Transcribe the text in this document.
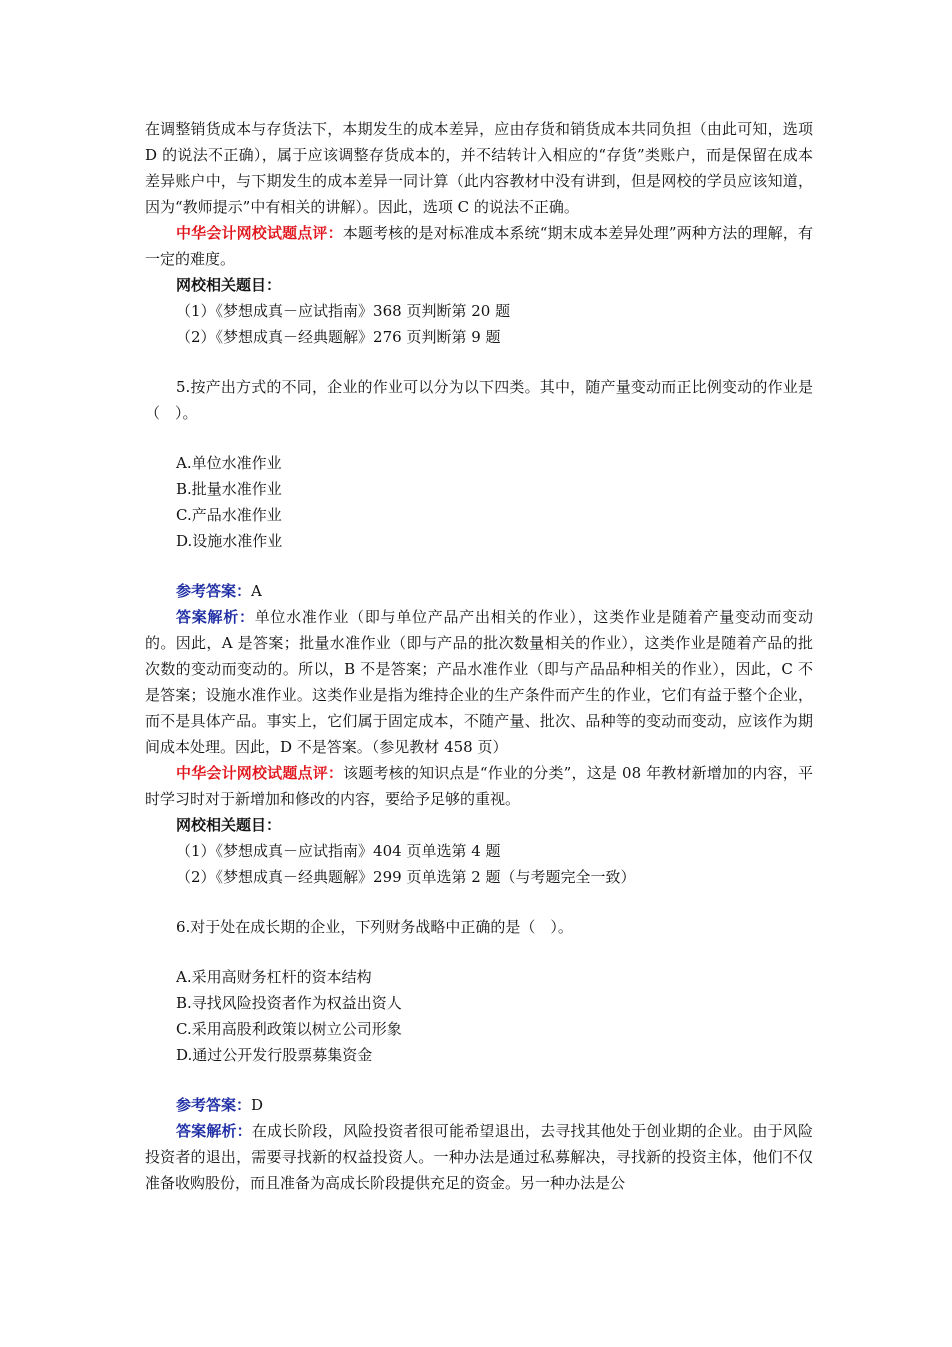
在调整销货成本与存货法下，本期发生的成本差异，应由存货和销货成本共同负担（由此可知，选项 D 的说法不正确），属于应该调整存货成本的，并不结转计入相应的“存货”类账户，而是保留在成本差异账户中，与下期发生的成本差异一同计算（此内容教材中没有讲到，但是网校的学员应该知道，因为“教师提示”中有相关的讲解）。因此，选项 C 的说法不正确。

中华会计网校试题点评：本题考核的是对标准成本系统“期末成本差异处理”两种方法的理解，有一定的难度。

网校相关题目：

（1）《梦想成真－应试指南》368 页判断第 20 题

（2）《梦想成真－经典题解》276 页判断第 9 题

5.按产出方式的不同，企业的作业可以分为以下四类。其中，随产量变动而正比例变动的作业是（　）。

A.单位水准作业

B.批量水准作业

C.产品水准作业

D.设施水准作业

参考答案：A

答案解析：单位水准作业（即与单位产品产出相关的作业），这类作业是随着产量变动而变动的。因此，A 是答案；批量水准作业（即与产品的批次数量相关的作业），这类作业是随着产品的批次数的变动而变动的。所以，B 不是答案；产品水准作业（即与产品品种相关的作业），因此，C 不是答案；设施水准作业。这类作业是指为维持企业的生产条件而产生的作业，它们有益于整个企业，而不是具体产品。事实上，它们属于固定成本，不随产量、批次、品种等的变动而变动，应该作为期间成本处理。因此，D 不是答案。（参见教材 458 页）

中华会计网校试题点评：该题考核的知识点是“作业的分类”，这是 08 年教材新增加的内容，平时学习时对于新增加和修改的内容，要给予足够的重视。

网校相关题目：

（1）《梦想成真－应试指南》404 页单选第 4 题

（2）《梦想成真－经典题解》299 页单选第 2 题（与考题完全一致）

6.对于处在成长期的企业，下列财务战略中正确的是（　）。

A.采用高财务杠杆的资本结构

B.寻找风险投资者作为权益出资人

C.采用高股利政策以树立公司形象

D.通过公开发行股票募集资金

参考答案：D

答案解析：在成长阶段，风险投资者很可能希望退出，去寻找其他处于创业期的企业。由于风险投资者的退出，需要寻找新的权益投资人。一种办法是通过私募解决，寻找新的投资主体，他们不仅准备收购股份，而且准备为高成长阶段提供充足的资金。另一种办法是公
